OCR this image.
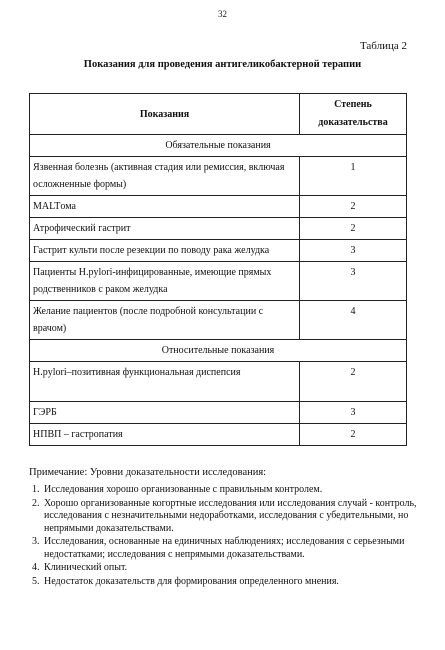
32
Таблица 2
Показания для проведения антигеликобактерной терапии
Показания	Степень доказательства
Обязательные показания	
Язвенная болезнь (активная стадия или ремиссия, включая осложненные формы)	1
MALTома	2
Атрофический гастрит	2
Гастрит культи после резекции по поводу рака желудка	3
Пациенты H.pylori-инфицированные, имеющие прямых родственников с раком желудка	3
Желание пациентов (после подробной консультации с врачом)	4
Относительные показания	
H.pylori–позитивная функциональная диспепсия	2
ГЭРБ	3
НПВП – гастропатия	2
Примечание: Уровни доказательности исследования:
1. Исследования хорошо организованные с правильным контролем.
2. Хорошо организованные когортные исследования или исследования случай - контроль, исследования с незначительными недоработками, исследования с убедительными, но непрямыми доказательствами.
3. Исследования, основанные на единичных наблюдениях; исследования с серьезными недостатками; исследования с непрямыми доказательствами.
4. Клинический опыт.
5. Недостаток доказательств для формирования определенного мнения.
